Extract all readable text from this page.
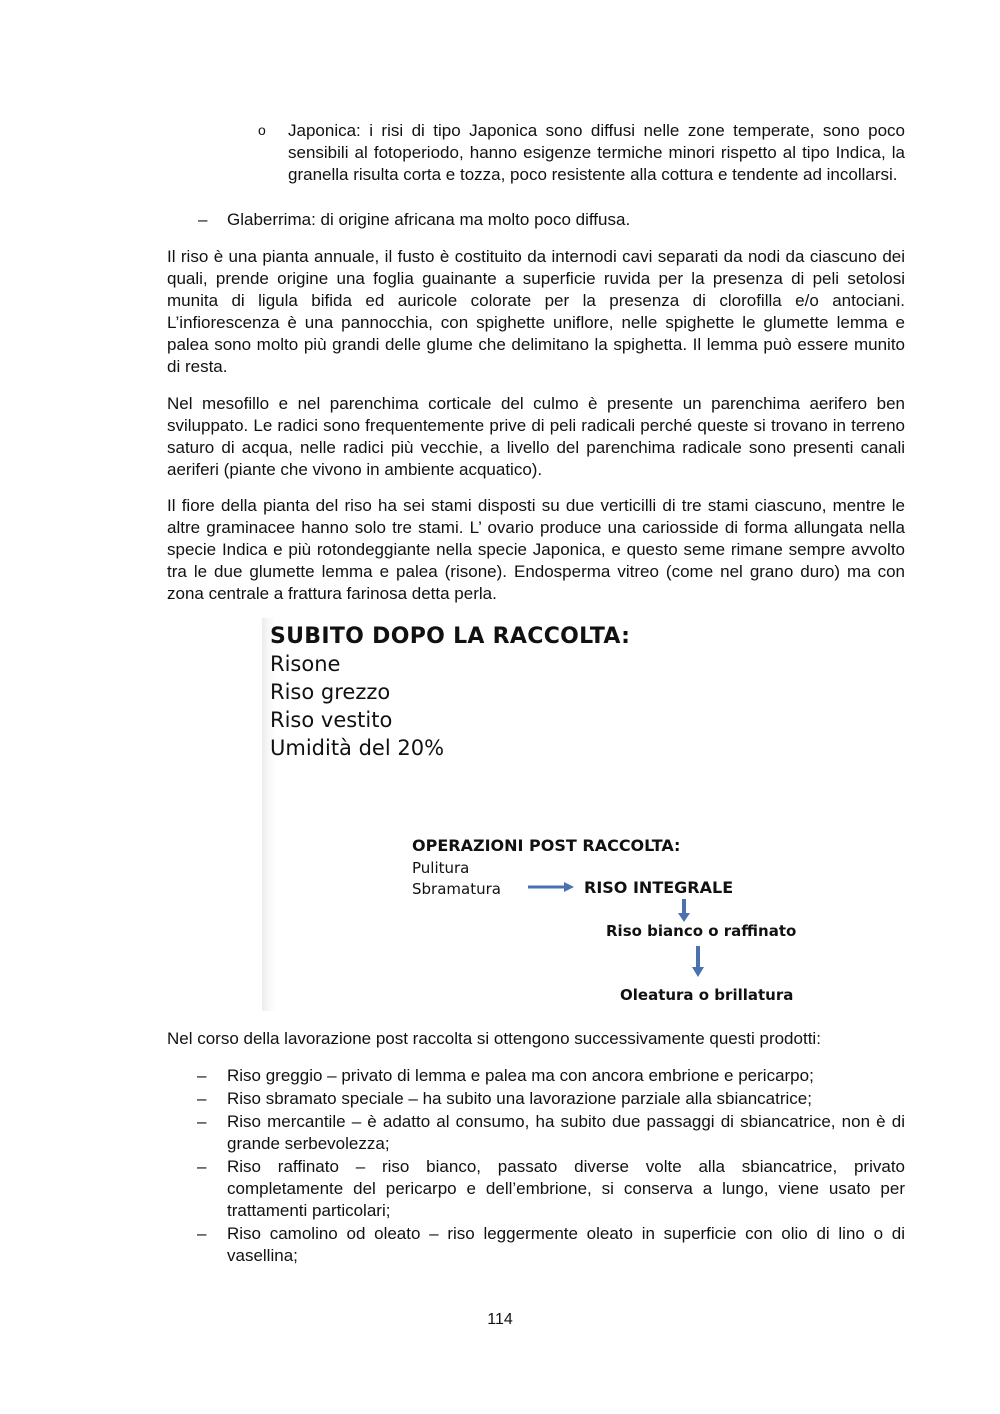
o Japonica: i risi di tipo Japonica sono diffusi nelle zone temperate, sono poco sensibili al fotoperiodo, hanno esigenze termiche minori rispetto al tipo Indica, la granella risulta corta e tozza, poco resistente alla cottura e tendente ad incollarsi.
– Glaberrima: di origine africana ma molto poco diffusa.

Il riso è una pianta annuale, il fusto è costituito da internodi cavi separati da nodi da ciascuno dei quali, prende origine una foglia guainante a superficie ruvida per la presenza di peli setolosi munita di ligula bifida ed auricole colorate per la presenza di clorofilla e/o antociani. L’infiorescenza è una pannocchia, con spighette uniflore, nelle spighette le glumette lemma e palea sono molto più grandi delle glume che delimitano la spighetta. Il lemma può essere munito di resta.

Nel mesofillo e nel parenchima corticale del culmo è presente un parenchima aerifero ben sviluppato. Le radici sono frequentemente prive di peli radicali perché queste si trovano in terreno saturo di acqua, nelle radici più vecchie, a livello del parenchima radicale sono presenti canali aeriferi (piante che vivono in ambiente acquatico).

Il fiore della pianta del riso ha sei stami disposti su due verticilli di tre stami ciascuno, mentre le altre graminacee hanno solo tre stami. L’ ovario produce una cariosside di forma allungata nella specie Indica e più rotondeggiante nella specie Japonica, e questo seme rimane sempre avvolto tra le due glumette lemma e palea (risone). Endosperma vitreo (come nel grano duro) ma con zona centrale a frattura farinosa detta perla.

SUBITO DOPO LA RACCOLTA:
Risone
Riso grezzo
Riso vestito
Umidità del 20%
OPERAZIONI POST RACCOLTA:
Pulitura
Sbramatura	RISO INTEGRALE
Riso bianco o raffinato
Oleatura o brillatura

Nel corso della lavorazione post raccolta si ottengono successivamente questi prodotti:

– Riso greggio – privato di lemma e palea ma con ancora embrione e pericarpo;
– Riso sbramato speciale – ha subito una lavorazione parziale alla sbiancatrice;
– Riso mercantile – è adatto al consumo, ha subito due passaggi di sbiancatrice, non è di grande serbevolezza;
– Riso raffinato – riso bianco, passato diverse volte alla sbiancatrice, privato completamente del pericarpo e dell’embrione, si conserva a lungo, viene usato per trattamenti particolari;
– Riso camolino od oleato – riso leggermente oleato in superficie con olio di lino o di vasellina;
114
